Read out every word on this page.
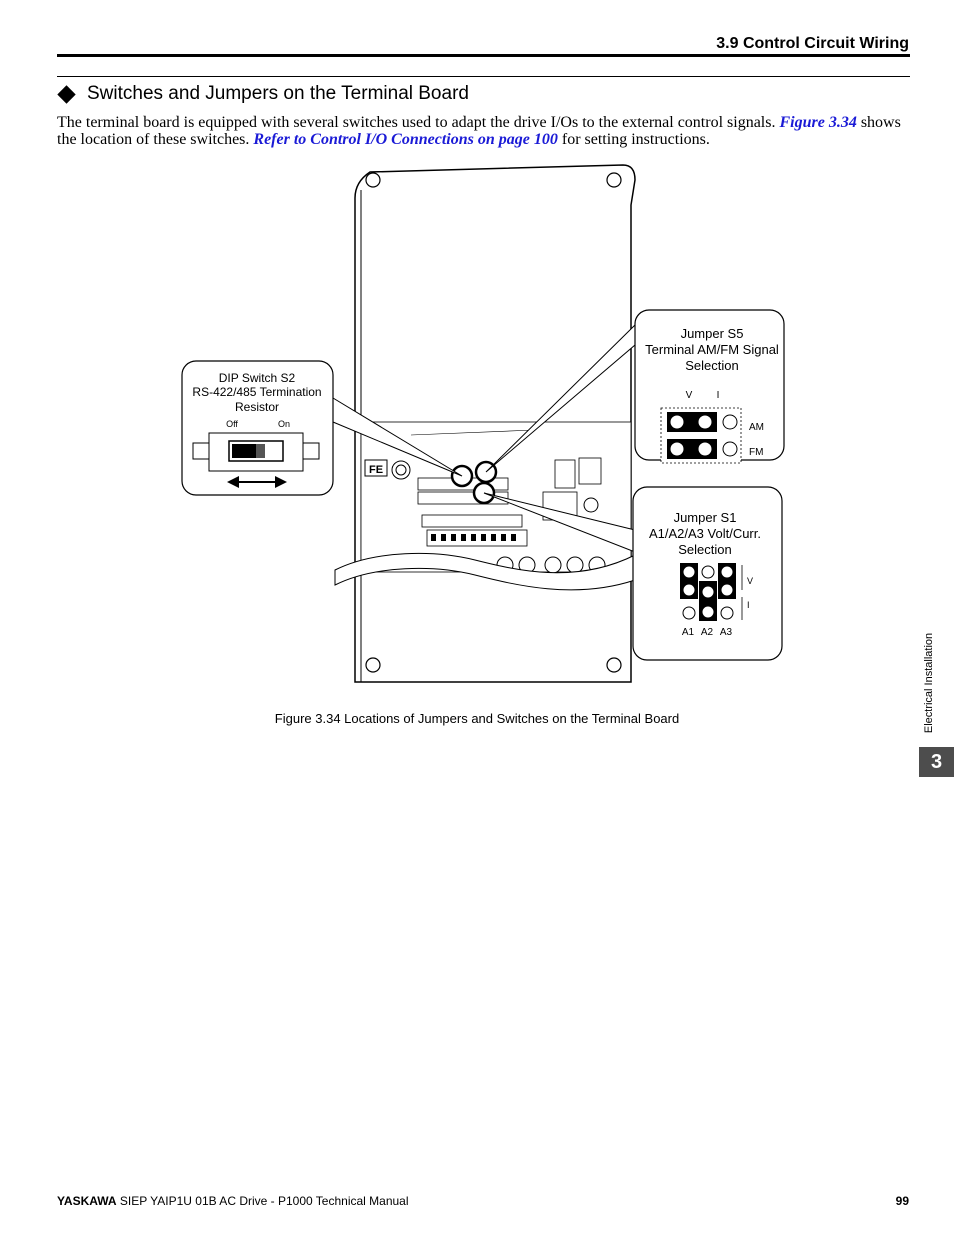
3.9 Control Circuit Wiring
Switches and Jumpers on the Terminal Board
The terminal board is equipped with several switches used to adapt the drive I/Os to the external control signals. Figure 3.34 shows the location of these switches. Refer to Control I/O Connections on page 100 for setting instructions.
FE
DIP Switch S2
RS-422/485 Termination
Resistor
Off	On
Jumper S5
Terminal AM/FM Signal
Selection
V I
AM
FM
Jumper S1
A1/A2/A3 Volt/Curr.
Selection
V
I
A1 A2 A3
Figure 3.34 Locations of Jumpers and Switches on the Terminal Board	Electrical Installation
3
YASKAWA SIEP YAIP1U 01B AC Drive - P1000 Technical Manual	99
